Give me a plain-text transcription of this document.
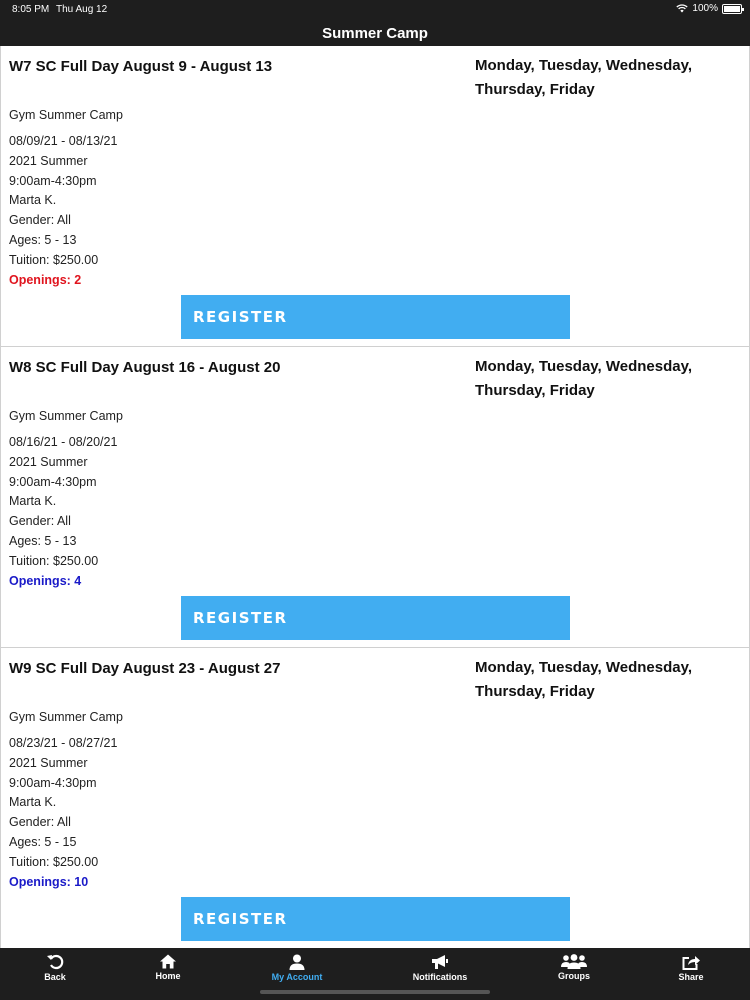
8:05 PM Thu Aug 12	100%
Summer Camp
W7 SC Full Day August 9 - August 13	Monday, Tuesday, Wednesday, Thursday, Friday
Gym Summer Camp
08/09/21 - 08/13/21
2021 Summer
9:00am-4:30pm
Marta K.
Gender: All
Ages: 5 - 13
Tuition: $250.00
Openings: 2
REGISTER
W8 SC Full Day August 16 - August 20	Monday, Tuesday, Wednesday, Thursday, Friday
Gym Summer Camp
08/16/21 - 08/20/21
2021 Summer
9:00am-4:30pm
Marta K.
Gender: All
Ages: 5 - 13
Tuition: $250.00
Openings: 4
REGISTER
W9 SC Full Day August 23 - August 27	Monday, Tuesday, Wednesday, Thursday, Friday
Gym Summer Camp
08/23/21 - 08/27/21
2021 Summer
9:00am-4:30pm
Marta K.
Gender: All
Ages: 5 - 15
Tuition: $250.00
Openings: 10
REGISTER
Back	Home	My Account	Notifications	Groups	Share
